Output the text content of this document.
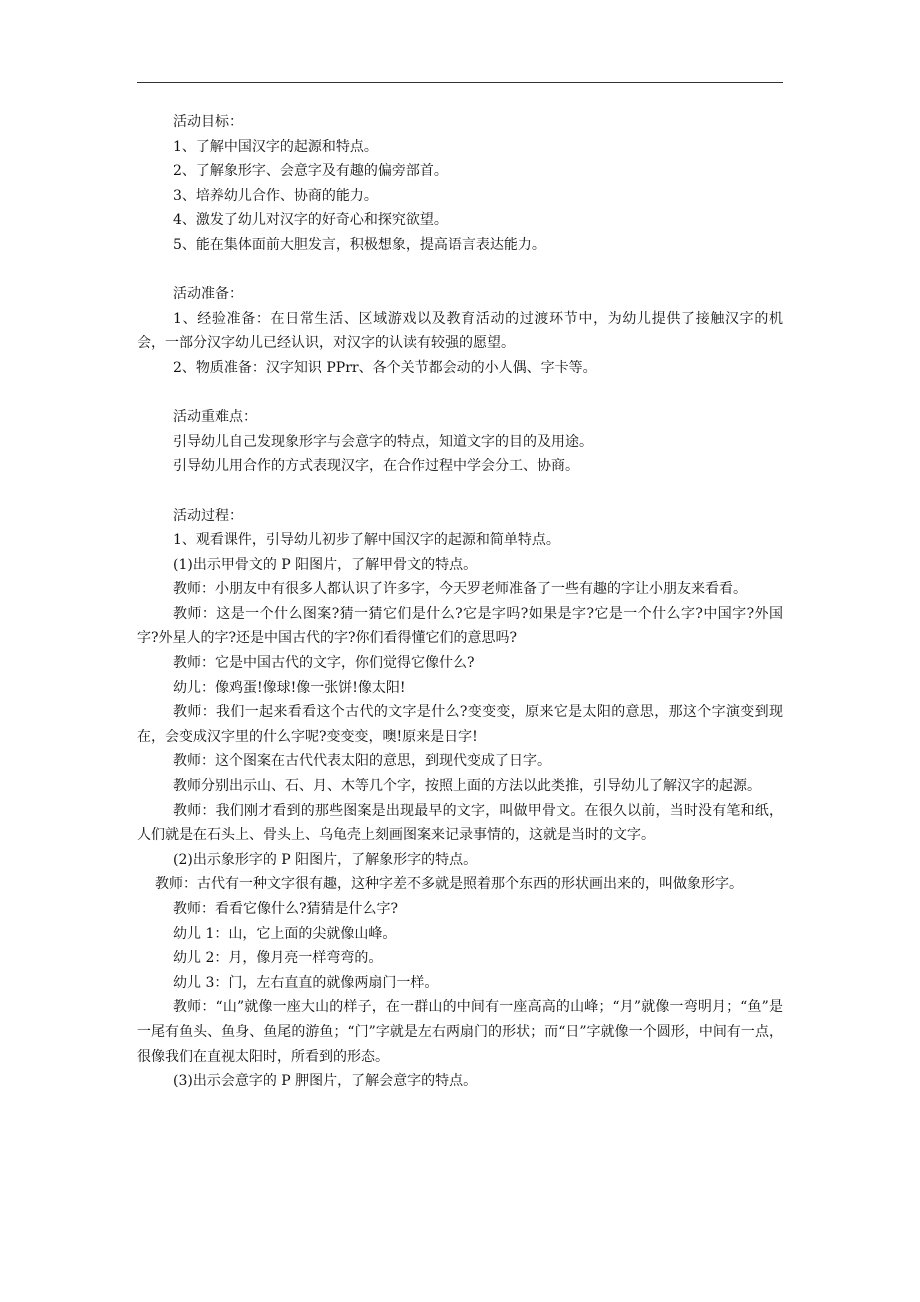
活动目标：

1、了解中国汉字的起源和特点。

2、了解象形字、会意字及有趣的偏旁部首。

3、培养幼儿合作、协商的能力。

4、激发了幼儿对汉字的好奇心和探究欲望。

5、能在集体面前大胆发言，积极想象，提高语言表达能力。

活动准备：

1、经验准备：在日常生活、区域游戏以及教育活动的过渡环节中，为幼儿提供了接触汉字的机会，一部分汉字幼儿已经认识，对汉字的认读有较强的愿望。

2、物质准备：汉字知识 PPrr、各个关节都会动的小人偶、字卡等。

活动重难点：

引导幼儿自己发现象形字与会意字的特点，知道文字的目的及用途。

引导幼儿用合作的方式表现汉字，在合作过程中学会分工、协商。

活动过程：

1、观看课件，引导幼儿初步了解中国汉字的起源和简单特点。

(1)出示甲骨文的 P 阳图片，了解甲骨文的特点。

教师：小朋友中有很多人都认识了许多字，今天罗老师准备了一些有趣的字让小朋友来看看。

教师：这是一个什么图案?猜一猜它们是什么?它是字吗?如果是字?它是一个什么字?中国字?外国字?外星人的字?还是中国古代的字?你们看得懂它们的意思吗?

教师：它是中国古代的文字，你们觉得它像什么?

幼儿：像鸡蛋!像球!像一张饼!像太阳!

教师：我们一起来看看这个古代的文字是什么?变变变，原来它是太阳的意思，那这个字演变到现在，会变成汉字里的什么字呢?变变变，噢!原来是日字!

教师：这个图案在古代代表太阳的意思，到现代变成了日字。

教师分别出示山、石、月、木等几个字，按照上面的方法以此类推，引导幼儿了解汉字的起源。

教师：我们刚才看到的那些图案是出现最早的文字，叫做甲骨文。在很久以前，当时没有笔和纸，人们就是在石头上、骨头上、乌龟壳上刻画图案来记录事情的，这就是当时的文字。

(2)出示象形字的 P 阳图片，了解象形字的特点。

教师：古代有一种文字很有趣，这种字差不多就是照着那个东西的形状画出来的，叫做象形字。

教师：看看它像什么?猜猜是什么字?

幼儿 1：山，它上面的尖就像山峰。

幼儿 2：月，像月亮一样弯弯的。

幼儿 3：门，左右直直的就像两扇门一样。

教师：“山”就像一座大山的样子，在一群山的中间有一座高高的山峰；“月”就像一弯明月；“鱼”是一尾有鱼头、鱼身、鱼尾的游鱼；“门”字就是左右两扇门的形状；而“日”字就像一个圆形，中间有一点，很像我们在直视太阳时，所看到的形态。

(3)出示会意字的 P 胛图片，了解会意字的特点。
